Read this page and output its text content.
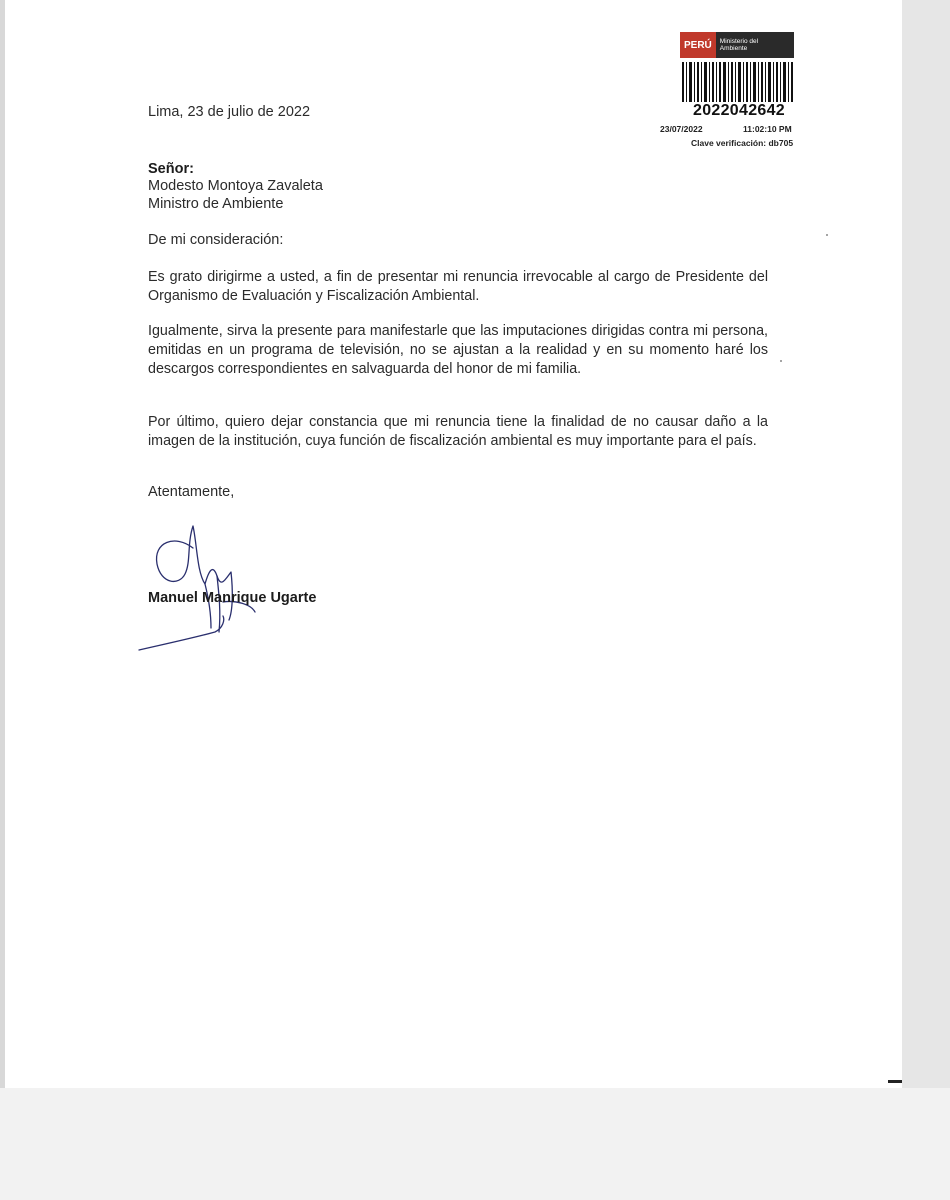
PERÚ	Ministerio del Ambiente
2022042642
23/07/2022	11:02:10 PM
Clave verificación: db705

Lima, 23 de julio de 2022

Señor:

Modesto Montoya Zavaleta

Ministro de Ambiente

De mi consideración:

Es grato dirigirme a usted, a fin de presentar mi renuncia irrevocable al cargo de Presidente del Organismo de Evaluación y Fiscalización Ambiental.

Igualmente, sirva la presente para manifestarle que las imputaciones dirigidas contra mi persona, emitidas en un programa de televisión, no se ajustan a la realidad y en su momento haré los descargos correspondientes en salvaguarda del honor de mi familia.

Por último, quiero dejar constancia que mi renuncia tiene la finalidad de no causar daño a la imagen de la institución, cuya función de fiscalización ambiental es muy importante para el país.

Atentamente,

Manuel Manrique Ugarte
